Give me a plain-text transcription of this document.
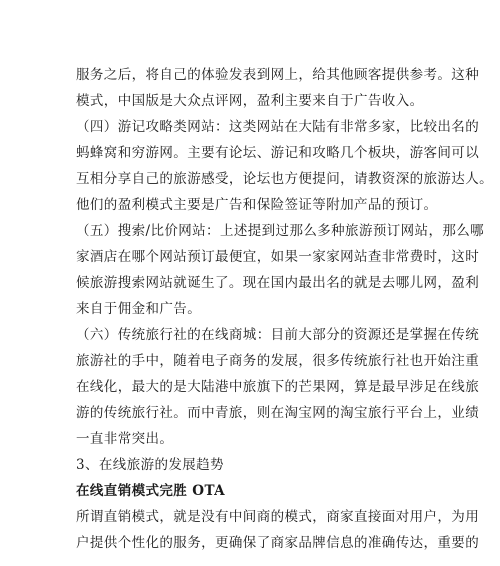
服务之后，将自己的体验发表到网上，给其他顾客提供参考。这种
模式，中国版是大众点评网，盈利主要来自于广告收入。
（四）游记攻略类网站：这类网站在大陆有非常多家，比较出名的
蚂蜂窝和穷游网。主要有论坛、游记和攻略几个板块，游客间可以
互相分享自己的旅游感受，论坛也方便提问，请教资深的旅游达人。
他们的盈利模式主要是广告和保险签证等附加产品的预订。
（五）搜索/比价网站：上述提到过那么多种旅游预订网站，那么哪
家酒店在哪个网站预订最便宜，如果一家家网站查非常费时，这时
候旅游搜索网站就诞生了。现在国内最出名的就是去哪儿网，盈利
来自于佣金和广告。
（六）传统旅行社的在线商城：目前大部分的资源还是掌握在传统
旅游社的手中，随着电子商务的发展，很多传统旅行社也开始注重
在线化，最大的是大陆港中旅旗下的芒果网，算是最早涉足在线旅
游的传统旅行社。而中青旅，则在淘宝网的淘宝旅行平台上，业绩
一直非常突出。
3、在线旅游的发展趋势
在线直销模式完胜 OTA
所谓直销模式，就是没有中间商的模式，商家直接面对用户，为用
户提供个性化的服务，更确保了商家品牌信息的准确传达，重要的
